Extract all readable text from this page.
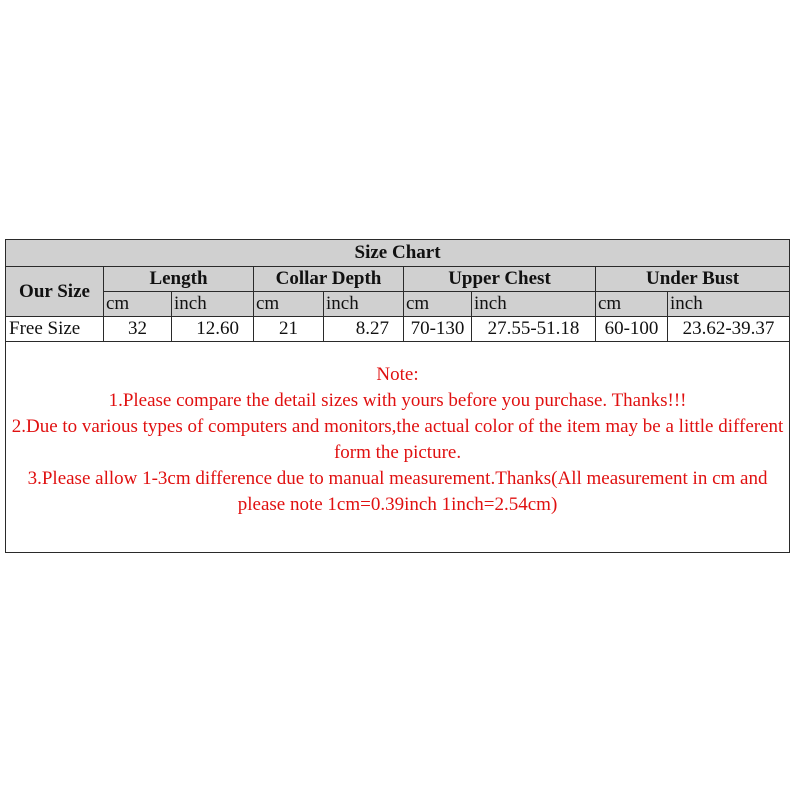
Size Chart								
Our Size	Length		Collar Depth		Upper Chest		Under Bust	
	cm	inch	cm	inch	cm	inch	cm	inch
Free Size	32	12.60	21	8.27	70-130	27.55-51.18	60-100	23.62-39.37

Note:
1.Please compare the detail sizes with yours before you purchase. Thanks!!!
2.Due to various types of computers and monitors,the actual color of the item may be a little different form the picture.
3.Please allow 1-3cm difference due to manual measurement.Thanks(All measurement in cm and please note 1cm=0.39inch 1inch=2.54cm)								
